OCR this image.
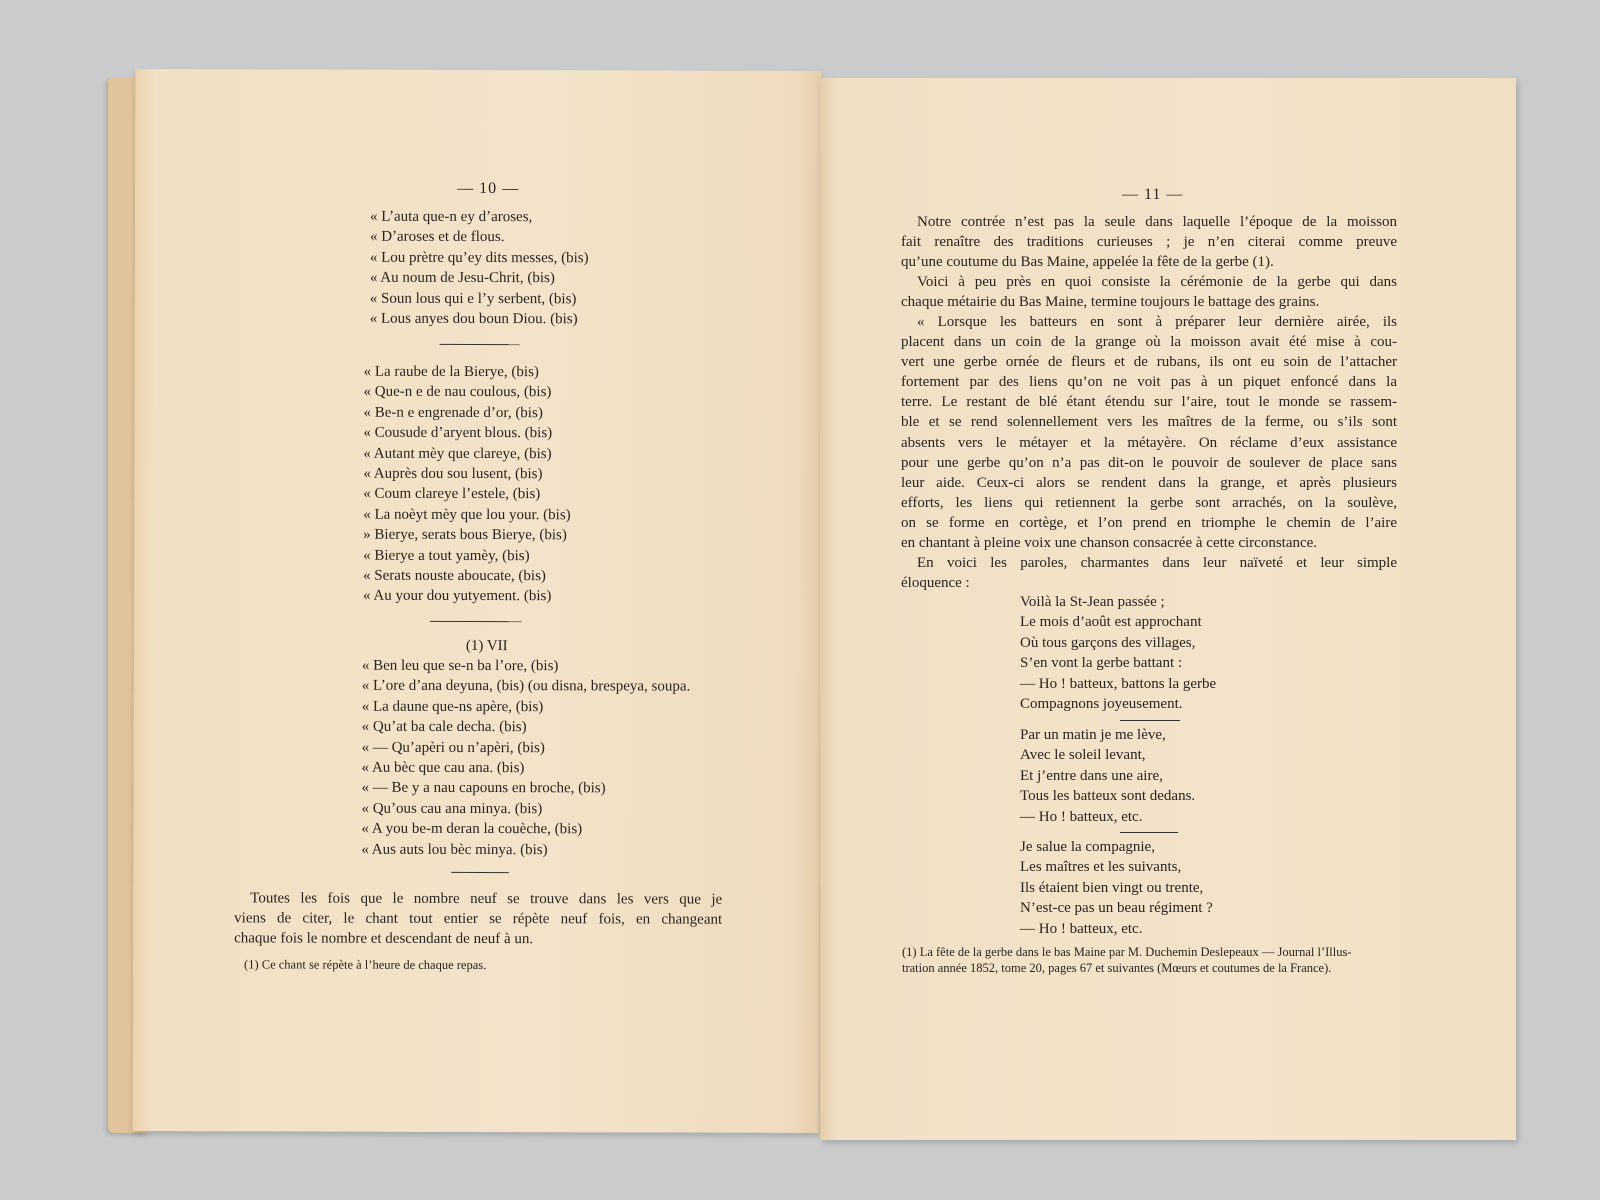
— 10 —
« L’auta que-n ey d’aroses,
« D’aroses et de flous.
« Lou prètre qu’ey dits messes, (bis)
« Au noum de Jesu-Chrit, (bis)
« Soun lous qui e l’y serbent, (bis)
« Lous anyes dou boun Diou. (bis)
« La raube de la Bierye, (bis)
« Que-n e de nau coulous, (bis)
« Be-n e engrenade d’or, (bis)
« Cousude d’aryent blous. (bis)
« Autant mèy que clareye, (bis)
« Auprès dou sou lusent, (bis)
« Coum clareye l’estele, (bis)
« La noèyt mèy que lou your. (bis)
» Bierye, serats bous Bierye, (bis)
« Bierye a tout yamèy, (bis)
« Serats nouste aboucate, (bis)
« Au your dou yutyement. (bis)
(1) VII
« Ben leu que se-n ba l’ore, (bis)
« L’ore d’ana deyuna, (bis) (ou disna, brespeya, soupa.
« La daune que-ns apère, (bis)
« Qu’at ba cale decha. (bis)
« — Qu’apèri ou n’apèri, (bis)
« Au bèc que cau ana. (bis)
« — Be y a nau capouns en broche, (bis)
« Qu’ous cau ana minya. (bis)
« A you be-m deran la couèche, (bis)
« Aus auts lou bèc minya. (bis)
Toutes les fois que le nombre neuf se trouve dans les vers que je
viens de citer, le chant tout entier se répète neuf fois, en changeant
chaque fois le nombre et descendant de neuf à un.
(1) Ce chant se répète à l’heure de chaque repas.
— 11 —
Notre contrée n’est pas la seule dans laquelle l’époque de la moisson
fait renaître des traditions curieuses ; je n’en citerai comme preuve
qu’une coutume du Bas Maine, appelée la fête de la gerbe (1).
Voici à peu près en quoi consiste la cérémonie de la gerbe qui dans
chaque métairie du Bas Maine, termine toujours le battage des grains.
« Lorsque les batteurs en sont à préparer leur dernière airée, ils
placent dans un coin de la grange où la moisson avait été mise à cou-
vert une gerbe ornée de fleurs et de rubans, ils ont eu soin de l’attacher
fortement par des liens qu’on ne voit pas à un piquet enfoncé dans la
terre. Le restant de blé étant étendu sur l’aire, tout le monde se rassem-
ble et se rend solennellement vers les maîtres de la ferme, ou s’ils sont
absents vers le métayer et la métayère. On réclame d’eux assistance
pour une gerbe qu’on n’a pas dit-on le pouvoir de soulever de place sans
leur aide. Ceux-ci alors se rendent dans la grange, et après plusieurs
efforts, les liens qui retiennent la gerbe sont arrachés, on la soulève,
on se forme en cortège, et l’on prend en triomphe le chemin de l’aire
en chantant à pleine voix une chanson consacrée à cette circonstance.
En voici les paroles, charmantes dans leur naïveté et leur simple
éloquence :
Voilà la St-Jean passée ;
Le mois d’août est approchant
Où tous garçons des villages,
S’en vont la gerbe battant :
— Ho ! batteux, battons la gerbe
Compagnons joyeusement.
Par un matin je me lève,
Avec le soleil levant,
Et j’entre dans une aire,
Tous les batteux sont dedans.
— Ho ! batteux, etc.
Je salue la compagnie,
Les maîtres et les suivants,
Ils étaient bien vingt ou trente,
N’est-ce pas un beau régiment ?
— Ho ! batteux, etc.
(1) La fête de la gerbe dans le bas Maine par M. Duchemin Deslepeaux — Journal l’Illus-
tration année 1852, tome 20, pages 67 et suivantes (Mœurs et coutumes de la France).
